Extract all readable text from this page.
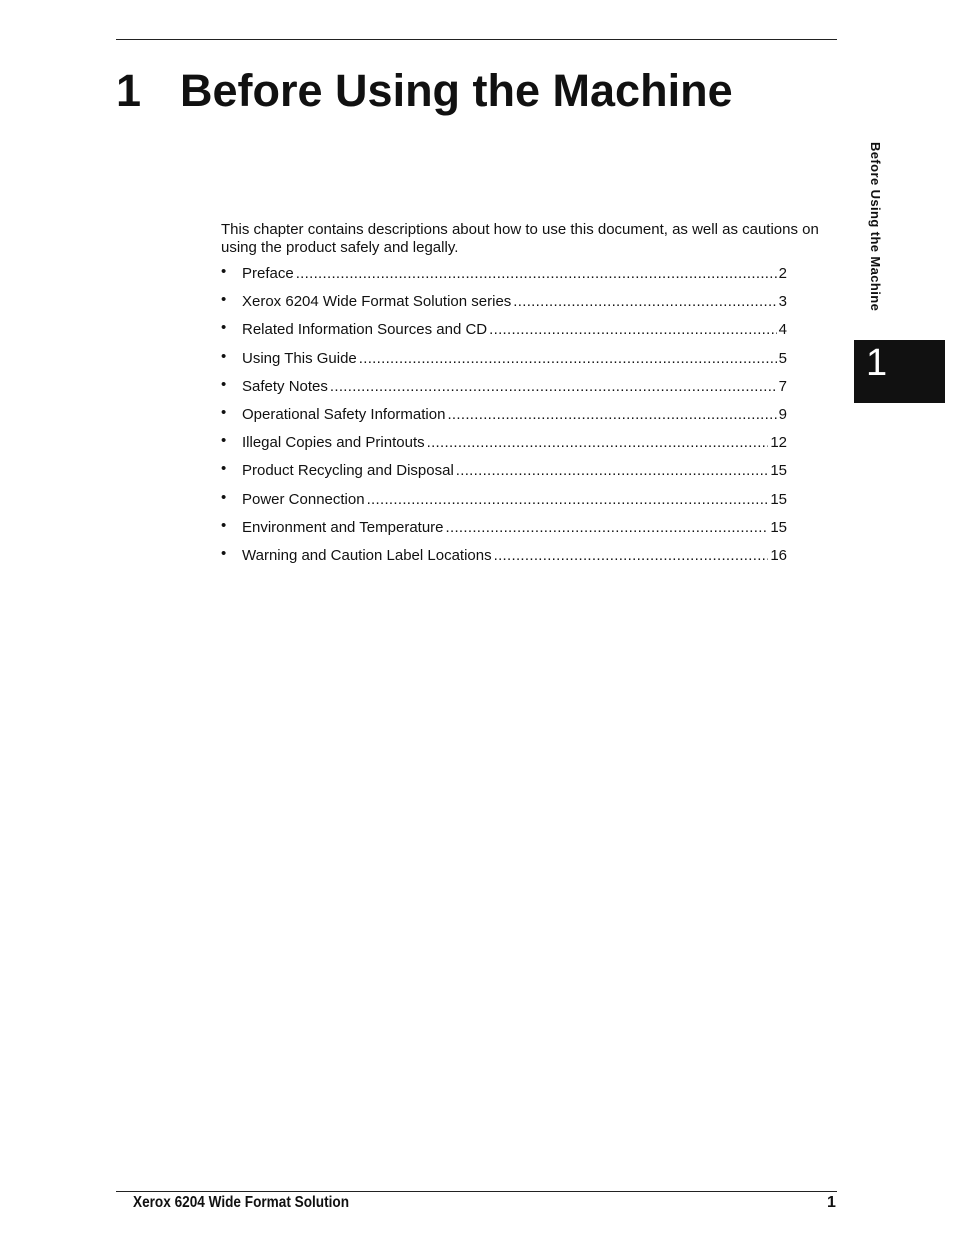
1 Before Using the Machine
Before Using the Machine
1

This chapter contains descriptions about how to use this document, as well as cautions on using the product safely and legally.

• Preface .....	2
• Xerox 6204 Wide Format Solution series .....	3
• Related Information Sources and CD .....	4
• Using This Guide .....	5
• Safety Notes .....	7
• Operational Safety Information .....	9
• Illegal Copies and Printouts .....	12
• Product Recycling and Disposal .....	15
• Power Connection .....	15
• Environment and Temperature .....	15
• Warning and Caution Label Locations .....	16
Xerox 6204 Wide Format Solution	1
